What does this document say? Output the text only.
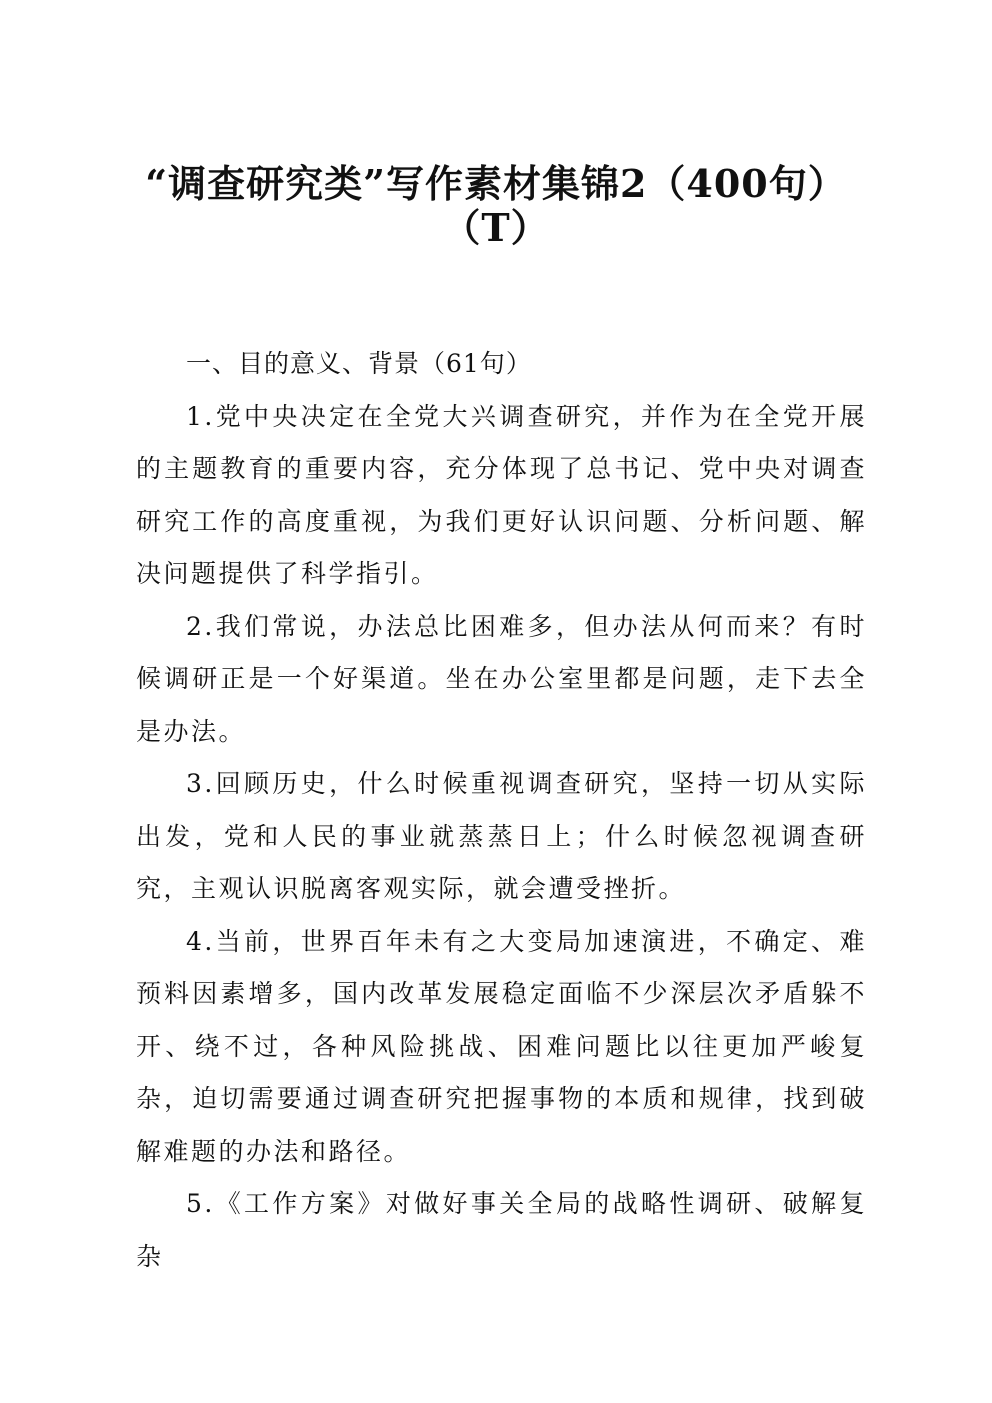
“调查研究类”写作素材集锦2（400句）
（T）

一、目的意义、背景（61句）

1.党中央决定在全党大兴调查研究，并作为在全党开展的主题教育的重要内容，充分体现了总书记、党中央对调查研究工作的高度重视，为我们更好认识问题、分析问题、解决问题提供了科学指引。

2.我们常说，办法总比困难多，但办法从何而来？有时候调研正是一个好渠道。坐在办公室里都是问题，走下去全是办法。

3.回顾历史，什么时候重视调查研究，坚持一切从实际出发，党和人民的事业就蒸蒸日上；什么时候忽视调查研究，主观认识脱离客观实际，就会遭受挫折。

4.当前，世界百年未有之大变局加速演进，不确定、难预料因素增多，国内改革发展稳定面临不少深层次矛盾躲不开、绕不过，各种风险挑战、困难问题比以往更加严峻复杂，迫切需要通过调查研究把握事物的本质和规律，找到破解难题的办法和路径。

5.《工作方案》对做好事关全局的战略性调研、破解复杂
